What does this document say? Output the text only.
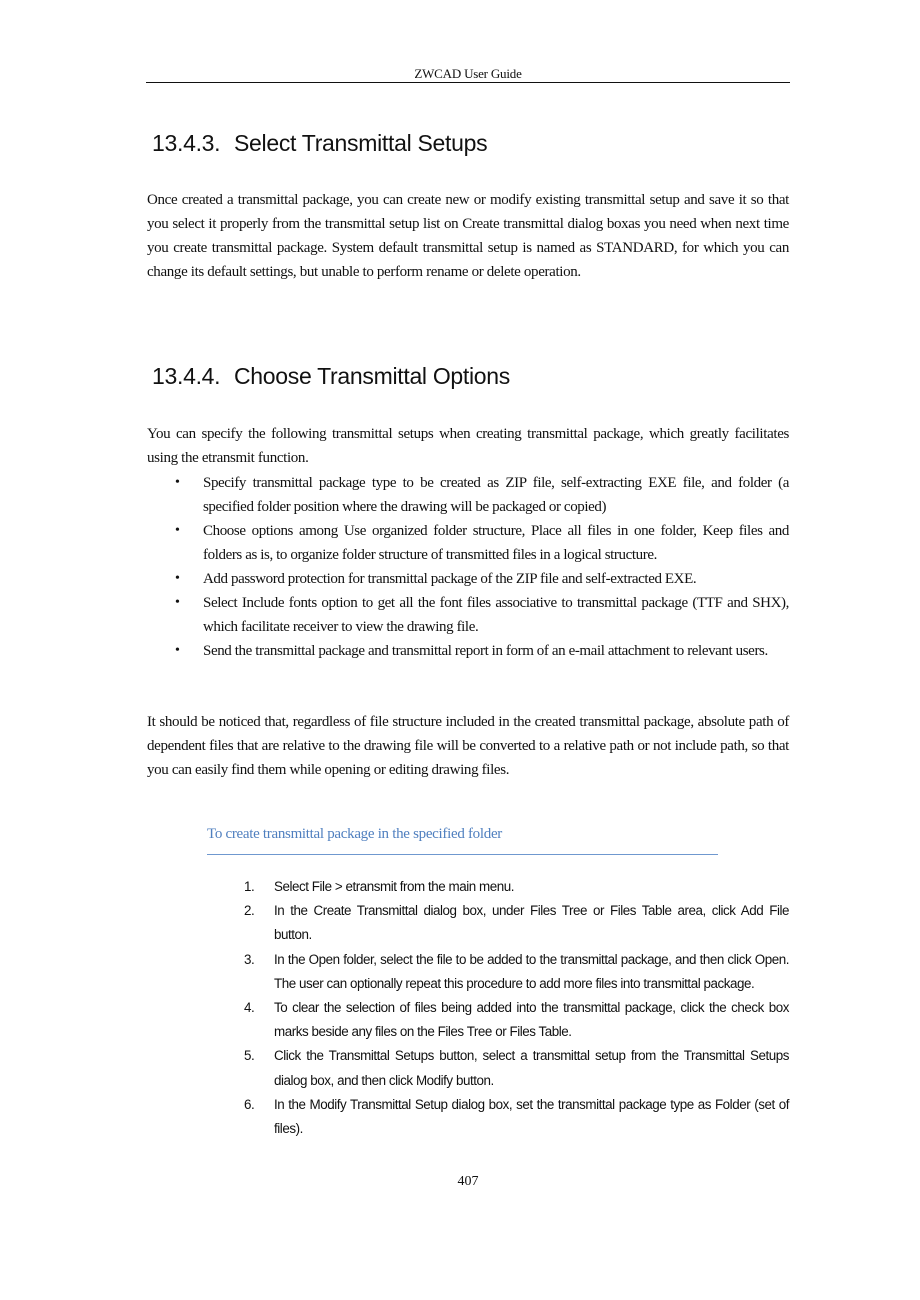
ZWCAD User Guide
13.4.3. Select Transmittal Setups

Once created a transmittal package, you can create new or modify existing transmittal setup and save it so that you select it properly from the transmittal setup list on Create transmittal dialog boxas you need when next time you create transmittal package. System default transmittal setup is named as STANDARD, for which you can change its default settings, but unable to perform rename or delete operation.

13.4.4. Choose Transmittal Options

You can specify the following transmittal setups when creating transmittal package, which greatly facilitates using the etransmit function.

• Specify transmittal package type to be created as ZIP file, self-extracting EXE file, and folder (a specified folder position where the drawing will be packaged or copied)
• Choose options among Use organized folder structure, Place all files in one folder, Keep files and folders as is, to organize folder structure of transmitted files in a logical structure.
• Add password protection for transmittal package of the ZIP file and self-extracted EXE.
• Select Include fonts option to get all the font files associative to transmittal package (TTF and SHX), which facilitate receiver to view the drawing file.
• Send the transmittal package and transmittal report in form of an e-mail attachment to relevant users.

It should be noticed that, regardless of file structure included in the created transmittal package, absolute path of dependent files that are relative to the drawing file will be converted to a relative path or not include path, so that you can easily find them while opening or editing drawing files.

To create transmittal package in the specified folder
1. Select File > etransmit from the main menu.
2. In the Create Transmittal dialog box, under Files Tree or Files Table area, click Add File button.
3. In the Open folder, select the file to be added to the transmittal package, and then click Open. The user can optionally repeat this procedure to add more files into transmittal package.
4. To clear the selection of files being added into the transmittal package, click the check box marks beside any files on the Files Tree or Files Table.
5. Click the Transmittal Setups button, select a transmittal setup from the Transmittal Setups dialog box, and then click Modify button.
6. In the Modify Transmittal Setup dialog box, set the transmittal package type as Folder (set of files).
407
